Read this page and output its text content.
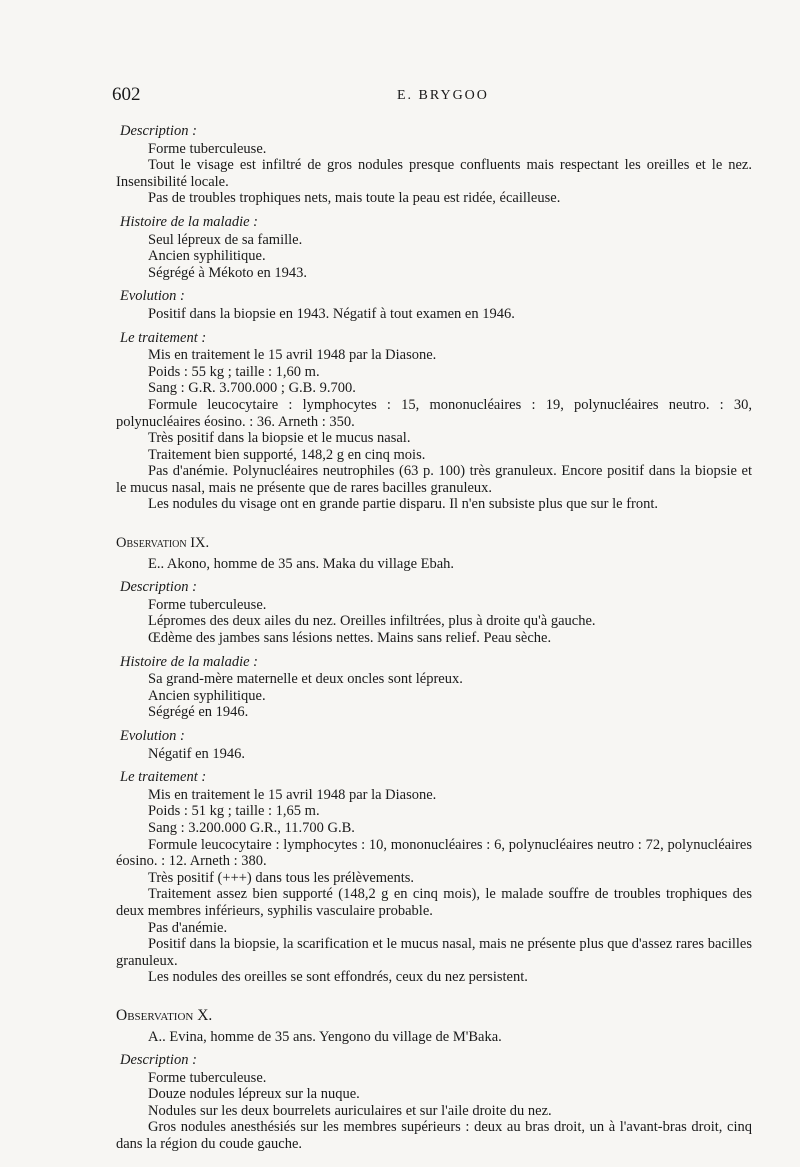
602	E. BRYGOO
Description :
Forme tuberculeuse.
Tout le visage est infiltré de gros nodules presque confluents mais respectant les oreilles et le nez. Insensibilité locale.
Pas de troubles trophiques nets, mais toute la peau est ridée, écailleuse.
Histoire de la maladie :
Seul lépreux de sa famille.
Ancien syphilitique.
Ségrégé à Mékoto en 1943.
Evolution :
Positif dans la biopsie en 1943. Négatif à tout examen en 1946.
Le traitement :
Mis en traitement le 15 avril 1948 par la Diasone.
Poids : 55 kg ; taille : 1,60 m.
Sang : G.R. 3.700.000 ; G.B. 9.700.
Formule leucocytaire : lymphocytes : 15, mononucléaires : 19, polynucléaires neutro. : 30, polynucléaires éosino. : 36. Arneth : 350.
Très positif dans la biopsie et le mucus nasal.
Traitement bien supporté, 148,2 g en cinq mois.
Pas d'anémie. Polynucléaires neutrophiles (63 p. 100) très granuleux. Encore positif dans la biopsie et le mucus nasal, mais ne présente que de rares bacilles granuleux.
Les nodules du visage ont en grande partie disparu. Il n'en subsiste plus que sur le front.
Observation IX.
E.. Akono, homme de 35 ans. Maka du village Ebah.
Description :
Forme tuberculeuse.
Lépromes des deux ailes du nez. Oreilles infiltrées, plus à droite qu'à gauche.
Œdème des jambes sans lésions nettes. Mains sans relief. Peau sèche.
Histoire de la maladie :
Sa grand-mère maternelle et deux oncles sont lépreux.
Ancien syphilitique.
Ségrégé en 1946.
Evolution :
Négatif en 1946.
Le traitement :
Mis en traitement le 15 avril 1948 par la Diasone.
Poids : 51 kg ; taille : 1,65 m.
Sang : 3.200.000 G.R., 11.700 G.B.
Formule leucocytaire : lymphocytes : 10, mononucléaires : 6, polynucléaires neutro : 72, polynucléaires éosino. : 12. Arneth : 380.
Très positif (+++) dans tous les prélèvements.
Traitement assez bien supporté (148,2 g en cinq mois), le malade souffre de troubles trophiques des deux membres inférieurs, syphilis vasculaire probable.
Pas d'anémie.
Positif dans la biopsie, la scarification et le mucus nasal, mais ne présente plus que d'assez rares bacilles granuleux.
Les nodules des oreilles se sont effondrés, ceux du nez persistent.
Observation X.
A.. Evina, homme de 35 ans. Yengono du village de M'Baka.
Description :
Forme tuberculeuse.
Douze nodules lépreux sur la nuque.
Nodules sur les deux bourrelets auriculaires et sur l'aile droite du nez.
Gros nodules anesthésiés sur les membres supérieurs : deux au bras droit, un à l'avant-bras droit, cinq dans la région du coude gauche.
